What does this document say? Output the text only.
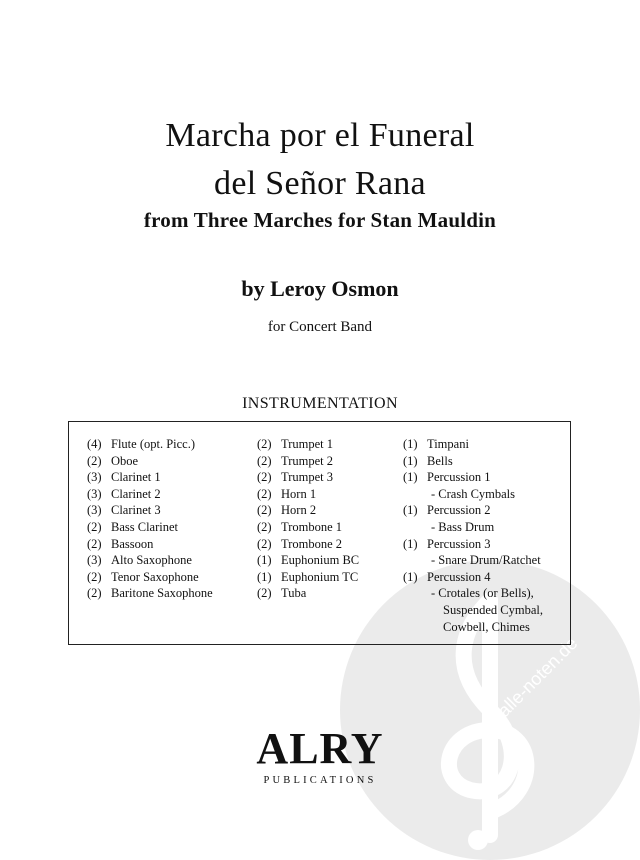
alle-noten.de
Marcha por el Funeral
del Señor Rana
from Three Marches for Stan Mauldin
by Leroy Osmon
for Concert Band
INSTRUMENTATION
(4) Flute (opt. Picc.)
(2) Oboe
(3) Clarinet 1
(3) Clarinet 2
(3) Clarinet 3
(2) Bass Clarinet
(2) Bassoon
(3) Alto Saxophone
(2) Tenor Saxophone
(2) Baritone Saxophone
(2) Trumpet 1
(2) Trumpet 2
(2) Trumpet 3
(2) Horn 1
(2) Horn 2
(2) Trombone 1
(2) Trombone 2
(1) Euphonium BC
(1) Euphonium TC
(2) Tuba
(1) Timpani
(1) Bells
(1) Percussion 1
- Crash Cymbals
(1) Percussion 2
- Bass Drum
(1) Percussion 3
- Snare Drum/Ratchet
(1) Percussion 4
- Crotales (or Bells),
Suspended Cymbal,
Cowbell, Chimes
ALRY
PUBLICATIONS
